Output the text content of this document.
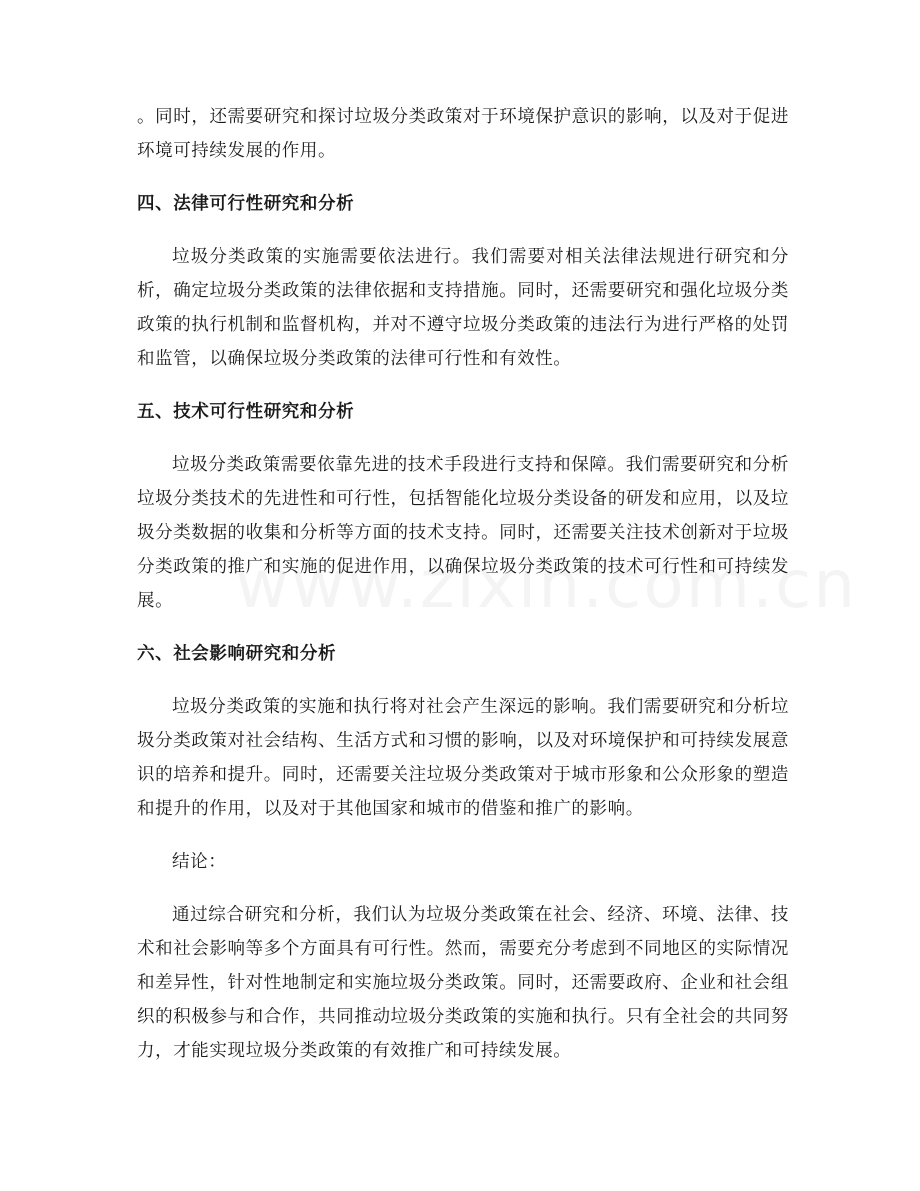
。同时，还需要研究和探讨垃圾分类政策对于环境保护意识的影响，以及对于促进环境可持续发展的作用。

四、法律可行性研究和分析

垃圾分类政策的实施需要依法进行。我们需要对相关法律法规进行研究和分析，确定垃圾分类政策的法律依据和支持措施。同时，还需要研究和强化垃圾分类政策的执行机制和监督机构，并对不遵守垃圾分类政策的违法行为进行严格的处罚和监管，以确保垃圾分类政策的法律可行性和有效性。

五、技术可行性研究和分析

垃圾分类政策需要依靠先进的技术手段进行支持和保障。我们需要研究和分析垃圾分类技术的先进性和可行性，包括智能化垃圾分类设备的研发和应用，以及垃圾分类数据的收集和分析等方面的技术支持。同时，还需要关注技术创新对于垃圾分类政策的推广和实施的促进作用，以确保垃圾分类政策的技术可行性和可持续发展。

六、社会影响研究和分析

垃圾分类政策的实施和执行将对社会产生深远的影响。我们需要研究和分析垃圾分类政策对社会结构、生活方式和习惯的影响，以及对环境保护和可持续发展意识的培养和提升。同时，还需要关注垃圾分类政策对于城市形象和公众形象的塑造和提升的作用，以及对于其他国家和城市的借鉴和推广的影响。

结论：

通过综合研究和分析，我们认为垃圾分类政策在社会、经济、环境、法律、技术和社会影响等多个方面具有可行性。然而，需要充分考虑到不同地区的实际情况和差异性，针对性地制定和实施垃圾分类政策。同时，还需要政府、企业和社会组织的积极参与和合作，共同推动垃圾分类政策的实施和执行。只有全社会的共同努力，才能实现垃圾分类政策的有效推广和可持续发展。
